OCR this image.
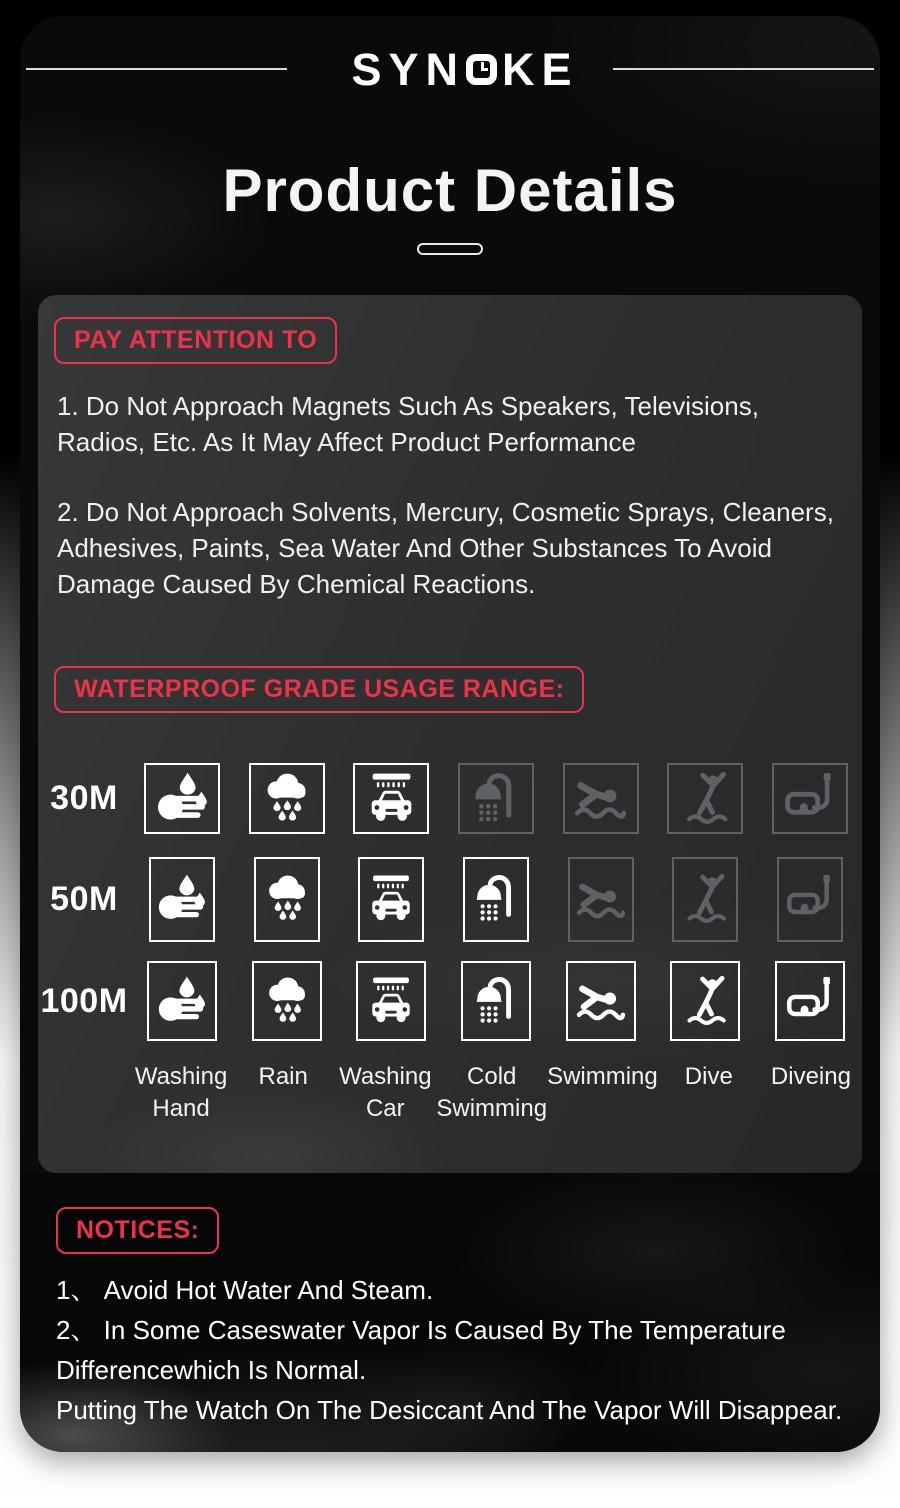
SYN KE
Product Details
PAY ATTENTION TO

1. Do Not Approach Magnets Such As Speakers, Televisions, Radios, Etc. As It May Affect Product Performance

2. Do Not Approach Solvents, Mercury, Cosmetic Sprays, Cleaners, Adhesives, Paints, Sea Water And Other Substances To Avoid Damage Caused By Chemical Reactions.

WATERPROOF GRADE USAGE RANGE:
30M
50M
100M
Washing Hand
Rain Washing Car
Cold Swimming
Swimming Dive Diveing
NOTICES:

1、 Avoid Hot Water And Steam.

2、 In Some Caseswater Vapor Is Caused By The Temperature Differencewhich Is Normal.

Putting The Watch On The Desiccant And The Vapor Will Disappear.
